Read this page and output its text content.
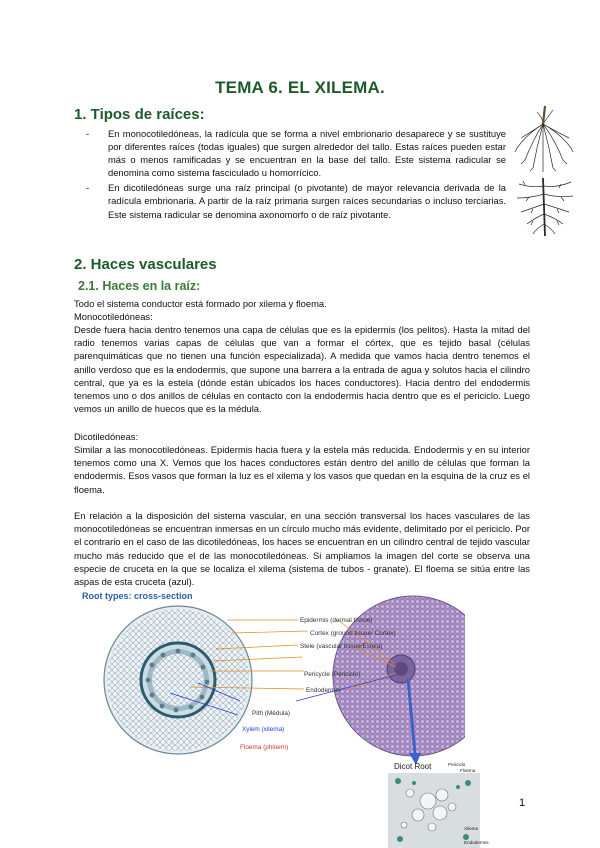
TEMA 6. EL XILEMA.
1. Tipos de raíces:
- En monocotiledóneas, la radícula que se forma a nivel embrionario desaparece y se sustituye por diferentes raíces (todas iguales) que surgen alrededor del tallo. Estas raíces pueden estar más o menos ramificadas y se encuentran en la base del tallo. Este sistema radicular se denomina como sistema fasciculado u homorrícico.
- En dicotiledóneas surge una raíz principal (o pivotante) de mayor relevancia derivada de la radícula embrionaria. A partir de la raíz primaria surgen raíces secundarias o incluso terciarias. Este sistema radicular se denomina axonomorfo o de raíz pivotante.
2. Haces vasculares
2.1. Haces en la raíz:

Todo el sistema conductor está formado por xilema y floema.

Monocotiledóneas:

Desde fuera hacia dentro tenemos una capa de células que es la epidermis (los pelitos). Hasta la mitad del radio tenemos varias capas de células que van a formar el córtex, que es tejido basal (células parenquimáticas que no tienen una función especializada). A medida que vamos hacia dentro tenemos el anillo verdoso que es la endodermis, que supone una barrera a la entrada de agua y solutos hacia el cilindro central, que ya es la estela (dónde están ubicados los haces conductores). Hacia dentro del endodermis tenemos uno o dos anillos de células en contacto con la endodermis hacia dentro que es el periciclo. Luego vemos un anillo de huecos que es la médula.

Dicotiledóneas:

Similar a las monocotiledóneas. Epidermis hacia fuera y la estela más reducida. Endodermis y en su interior tenemos como una X. Vemos que los haces conductores están dentro del anillo de células que forman la endodermis. Esos vasos que forman la luz es el xilema y los vasos que quedan en la esquina de la cruz es el floema.

En relación a la disposición del sistema vascular, en una sección transversal los haces vasculares de las monocotiledóneas se encuentran inmersas en un círculo mucho más evidente, delimitado por el periciclo. Por el contrario en el caso de las dicotiledóneas, los haces se encuentran en un cilindro central de tejido vascular mucho más reducido que el de las monocotiledóneas. Si ampliamos la imagen del corte se observa una especie de cruceta en la que se localiza el xilema (sistema de tubos - granate). El floema se sitúa entre las aspas de esta cruceta (azul).

Root types: cross-section
Epidermis (dermal tissue)
Cortex (ground tissue/ Cortex)
Stele (vascular tissue/Estela)
Pericycle (Periciclo)
Endodermis
Pith (Médula)
Xylem (xilema)
Floema (phloem)
Dicot Root	Periciclo
Floema
Xilema
Endodermis
1
